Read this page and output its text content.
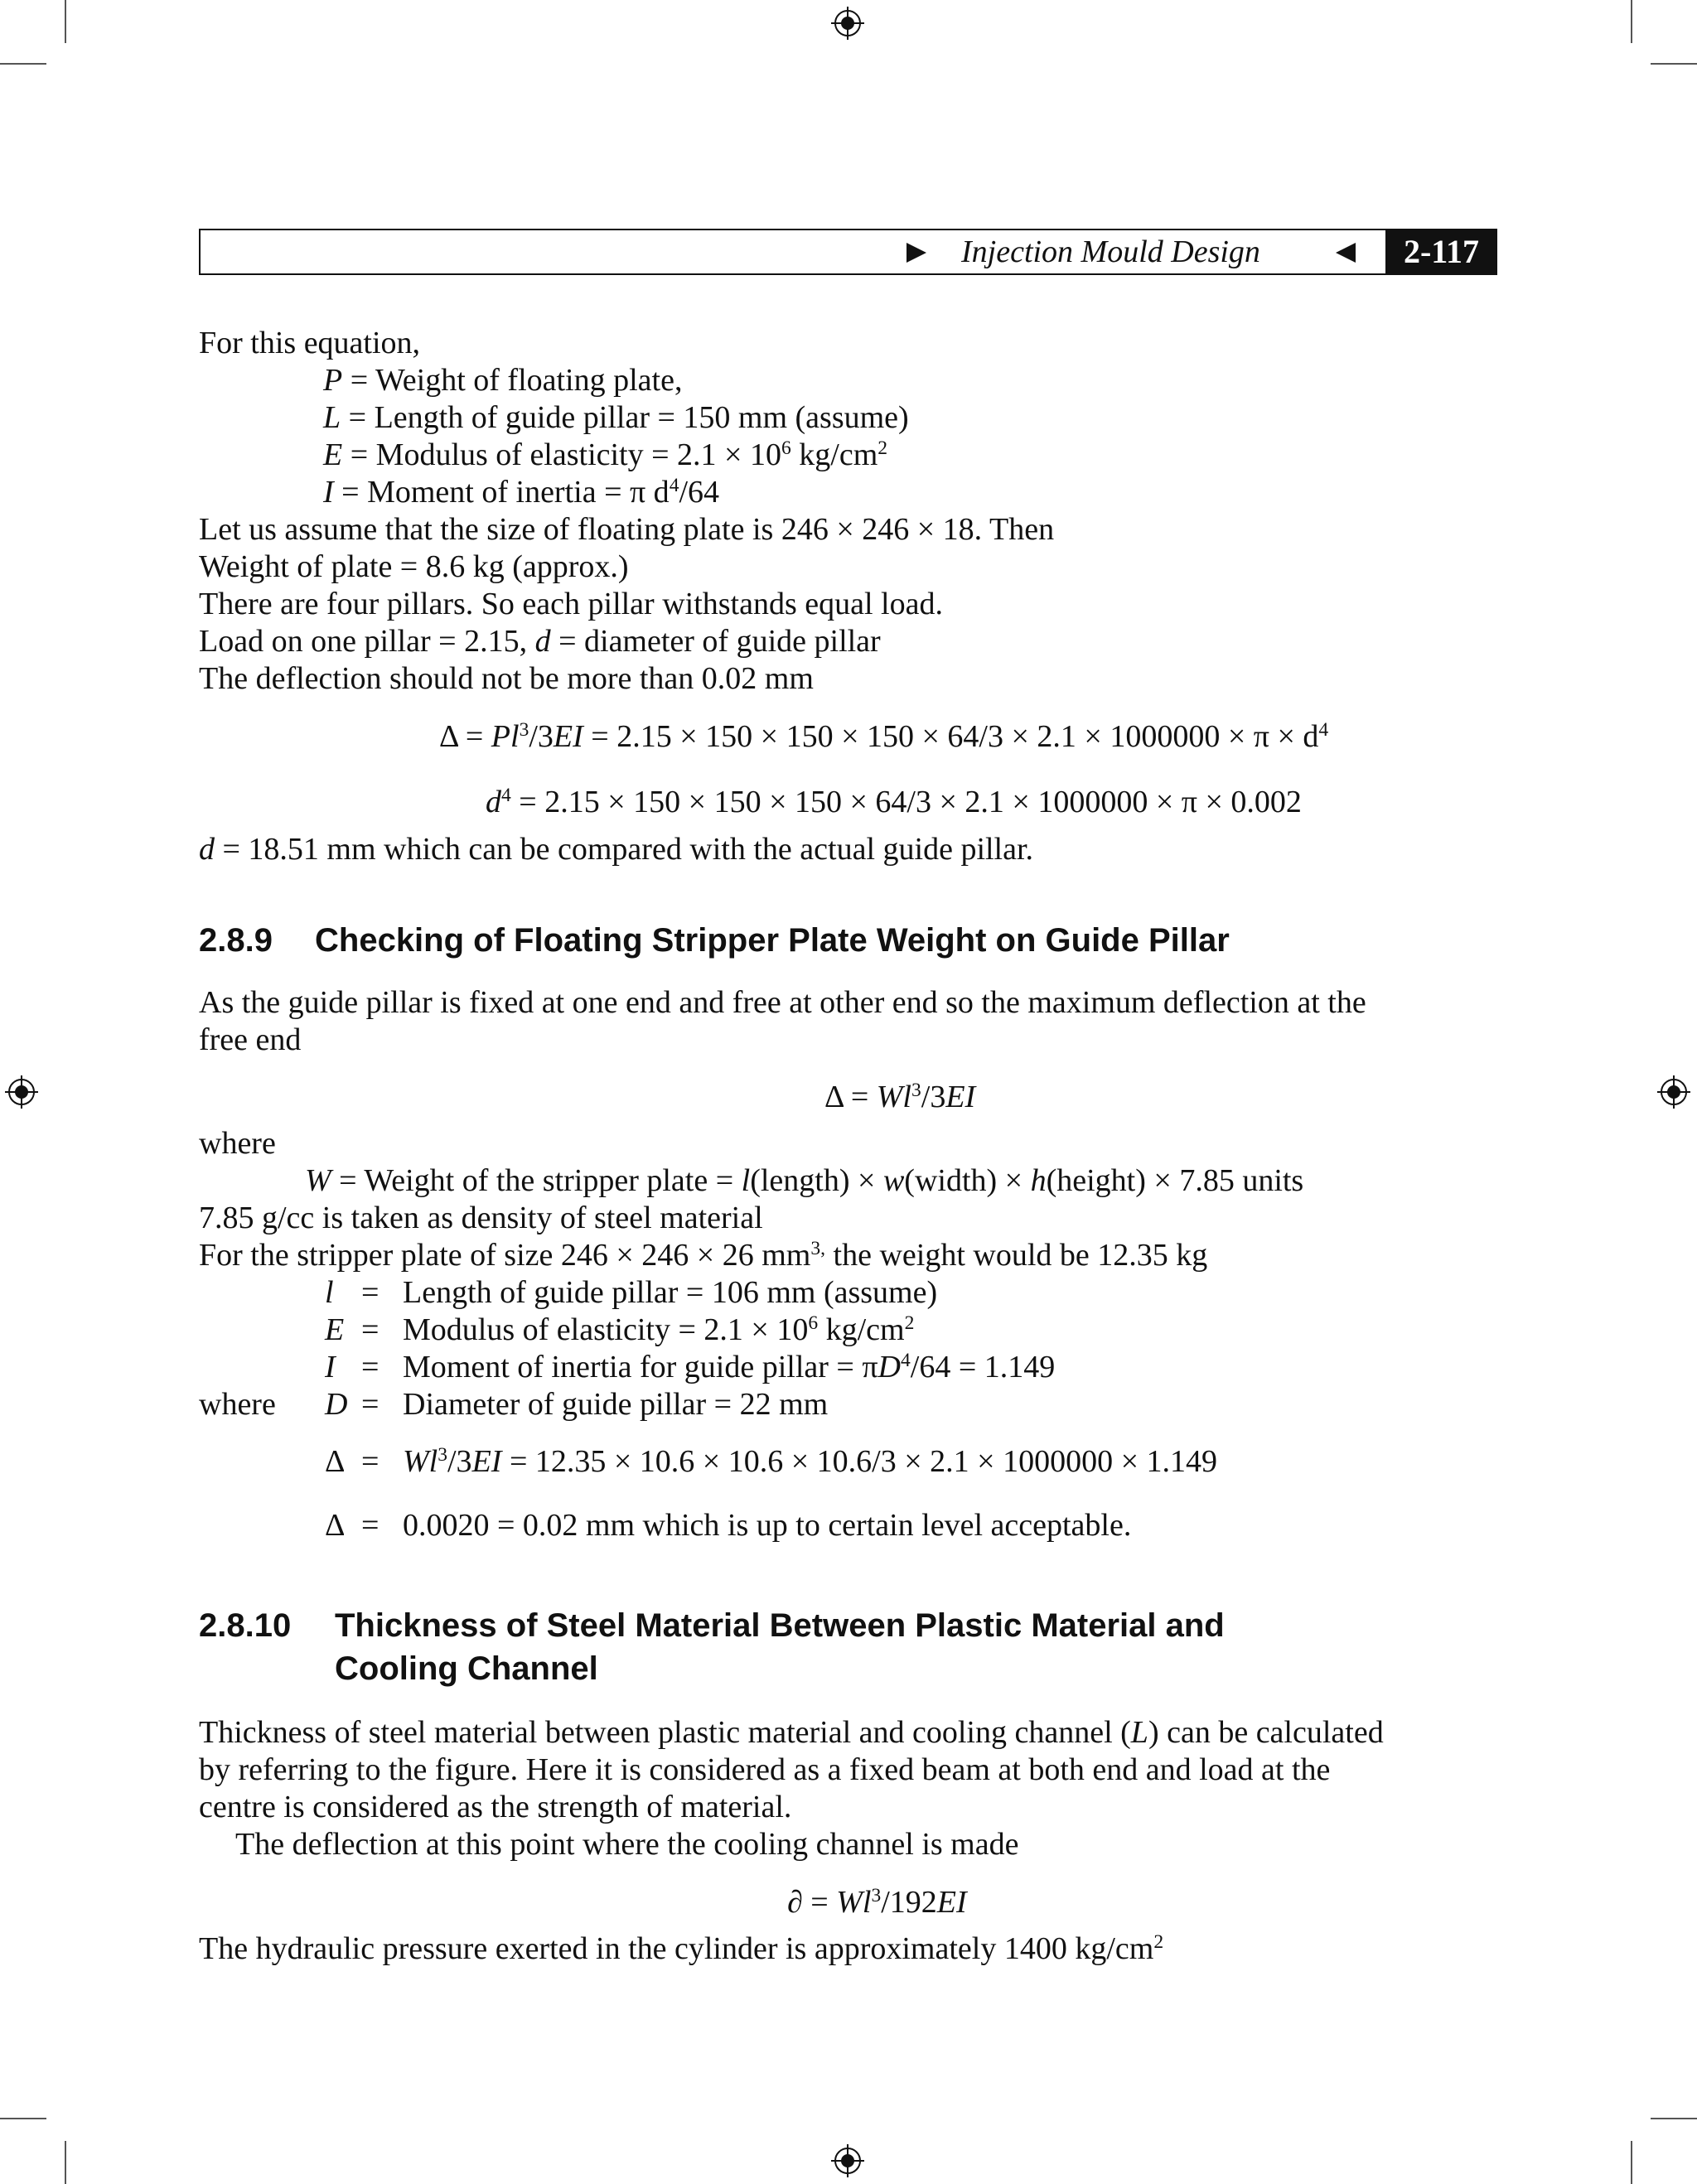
Injection Mould Design	2-117
For this equation,
P = Weight of floating plate,
L = Length of guide pillar = 150 mm (assume)
E = Modulus of elasticity = $2.1 \times 10^6$ $kg/cm^2$
I = Moment of inertia = π $d^4/64$
Let us assume that the size of floating plate is 246 × 246 × 18. Then
Weight of plate = 8.6 kg (approx.)
There are four pillars. So each pillar withstands equal load.
Load on one pillar = 2.15, d = diameter of guide pillar
The deflection should not be more than 0.02 mm
$\Delta = Pl^3/3EI = 2.15 \times 150 \times 150 \times 150 \times 64/3 \times 2.1 \times 1000000 \times \pi \times d^4$
$d^4 = 2.15 \times 150 \times 150 \times 150 \times 64/3 \times 2.1 \times 1000000 \times \pi \times 0.002$
d = 18.51 mm which can be compared with the actual guide pillar.
2.8.9 Checking of Floating Stripper Plate Weight on Guide Pillar
As the guide pillar is fixed at one end and free at other end so the maximum deflection at the
free end
$\Delta = Wl^3/3EI$
where
W = Weight of the stripper plate = l(length) × w(width) × h(height) × 7.85 units
7.85 g/cc is taken as density of steel material
For the stripper plate of size 246 × 246 × 26 $mm^{3,}$ the weight would be 12.35 kg
l = Length of guide pillar = 106 mm (assume)
E = Modulus of elasticity = $2.1 \times 10^6$ $kg/cm^2$
I = Moment of inertia for guide pillar = $\pi D^4/64 = 1.149$
where D = Diameter of guide pillar = 22 mm
$\Delta = Wl^3/3EI = 12.35 \times 10.6 \times 10.6 \times 10.6/3 \times 2.1 \times 1000000 \times 1.149$
Δ = 0.0020 = 0.02 mm which is up to certain level acceptable.
2.8.10 Thickness of Steel Material Between Plastic Material and
Cooling Channel
Thickness of steel material between plastic material and cooling channel (L) can be calculated
by referring to the figure. Here it is considered as a fixed beam at both end and load at the
centre is considered as the strength of material.
The deflection at this point where the cooling channel is made
∂ = $Wl^3/192EI$
The hydraulic pressure exerted in the cylinder is approximately 1400 $kg/cm^2$
